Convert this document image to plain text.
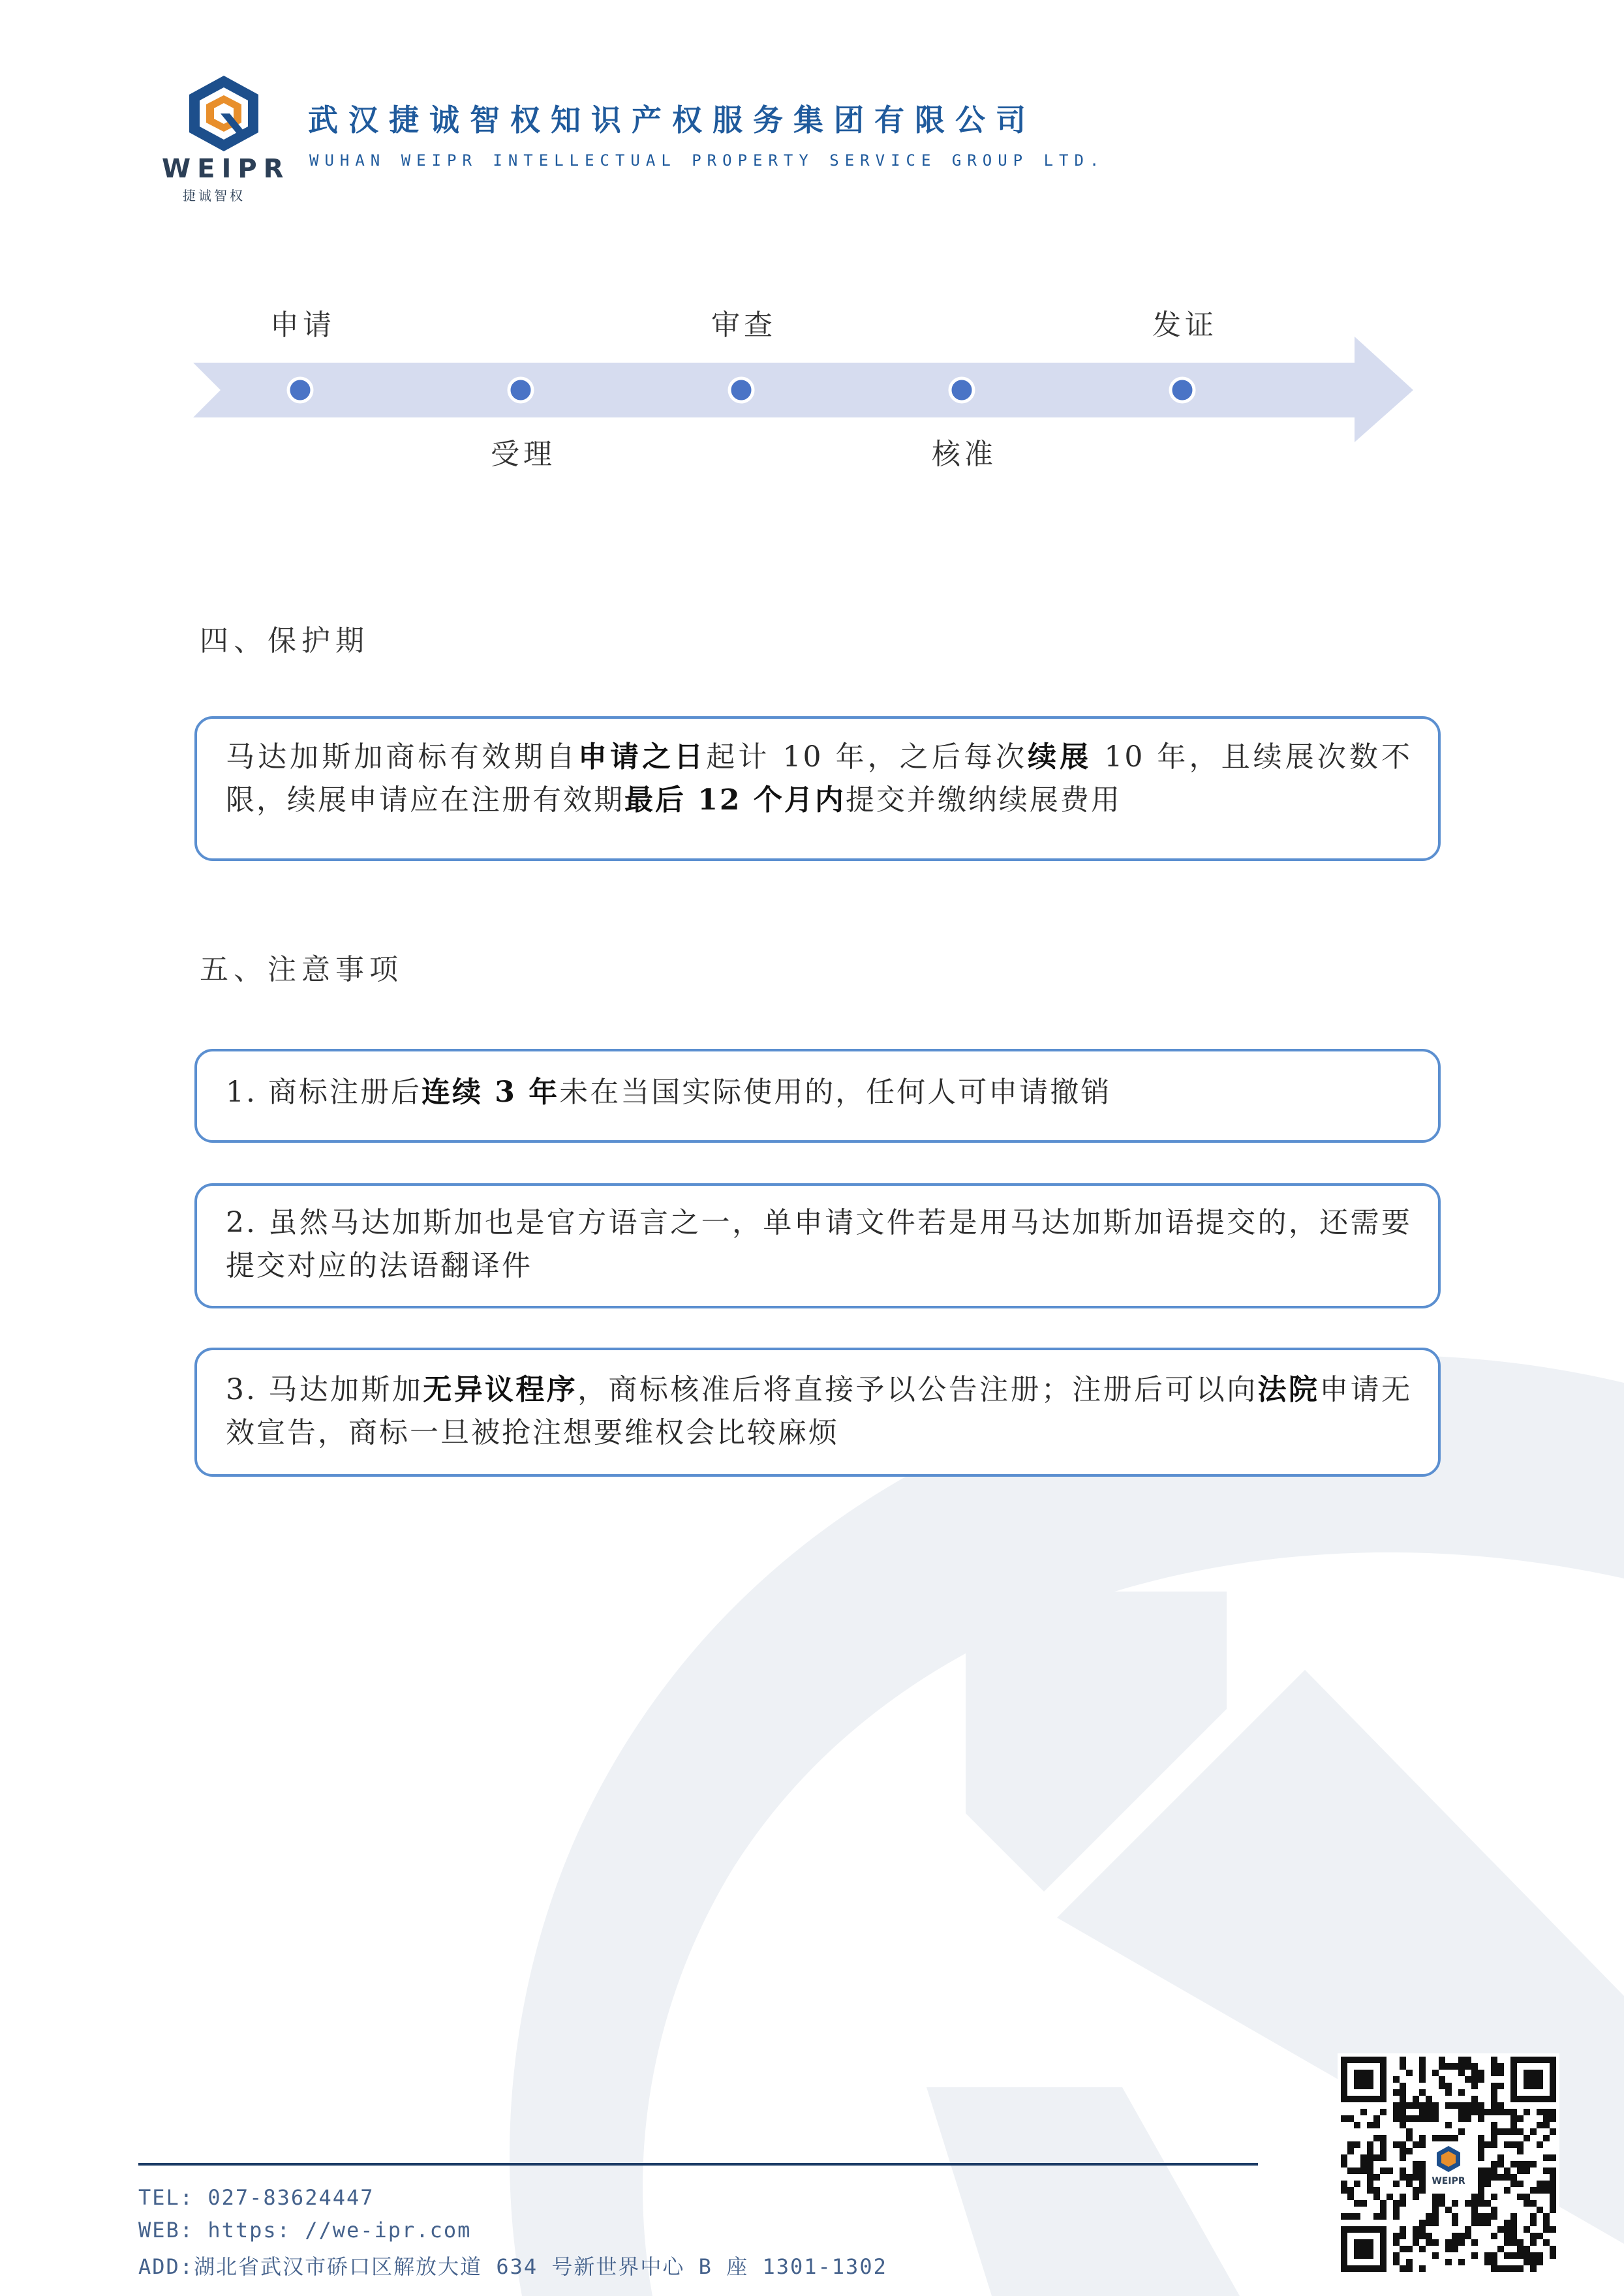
WEIPR
捷诚智权
武汉捷诚智权知识产权服务集团有限公司
WUHAN WEIPR INTELLECTUAL PROPERTY SERVICE GROUP LTD.
申请
受理
审查
核准
发证
四、保护期

马达加斯加商标有效期自申请之日起计 10 年，之后每次续展 10 年，且续展次数不限，续展申请应在注册有效期最后 12 个月内提交并缴纳续展费用

五、注意事项

1. 商标注册后连续 3 年未在当国实际使用的，任何人可申请撤销

2. 虽然马达加斯加也是官方语言之一，单申请文件若是用马达加斯加语提交的，还需要提交对应的法语翻译件

3. 马达加斯加无异议程序，商标核准后将直接予以公告注册；注册后可以向法院申请无效宣告，商标一旦被抢注想要维权会比较麻烦

TEL: 027-83624447
WEB: https: //we-ipr.com
ADD:湖北省武汉市硚口区解放大道 634 号新世界中心 B 座 1301-1302
WEIPR
